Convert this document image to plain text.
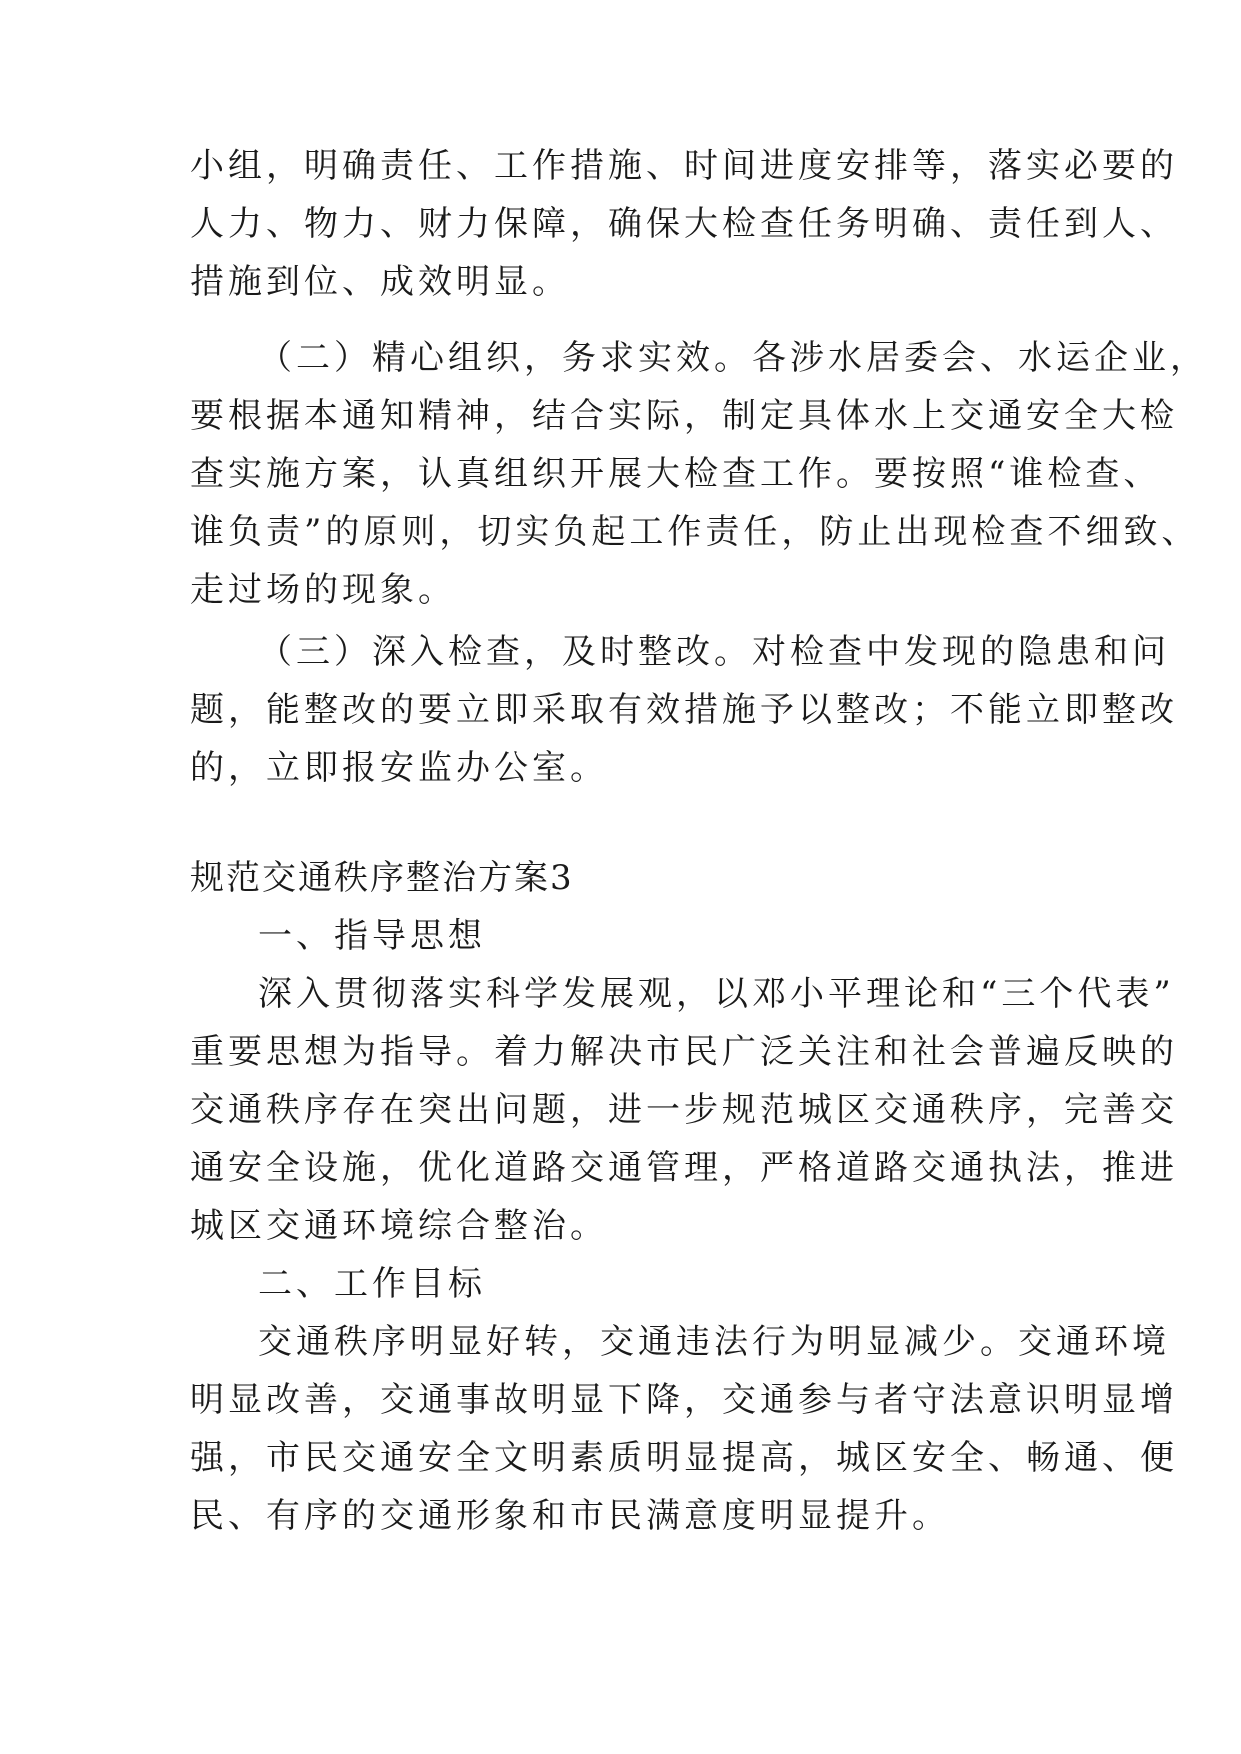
小组，明确责任、工作措施、时间进度安排等，落实必要的
人力、物力、财力保障，确保大检查任务明确、责任到人、
措施到位、成效明显。
（二）精心组织，务求实效。各涉水居委会、水运企业，
要根据本通知精神，结合实际，制定具体水上交通安全大检
查实施方案，认真组织开展大检查工作。要按照“谁检查、
谁负责”的原则，切实负起工作责任，防止出现检查不细致、
走过场的现象。
（三）深入检查，及时整改。对检查中发现的隐患和问
题，能整改的要立即采取有效措施予以整改；不能立即整改
的，立即报安监办公室。
规范交通秩序整治方案3
一、指导思想
深入贯彻落实科学发展观，以邓小平理论和“三个代表”
重要思想为指导。着力解决市民广泛关注和社会普遍反映的
交通秩序存在突出问题，进一步规范城区交通秩序，完善交
通安全设施，优化道路交通管理，严格道路交通执法，推进
城区交通环境综合整治。
二、工作目标
交通秩序明显好转，交通违法行为明显减少。交通环境
明显改善，交通事故明显下降，交通参与者守法意识明显增
强，市民交通安全文明素质明显提高，城区安全、畅通、便
民、有序的交通形象和市民满意度明显提升。
